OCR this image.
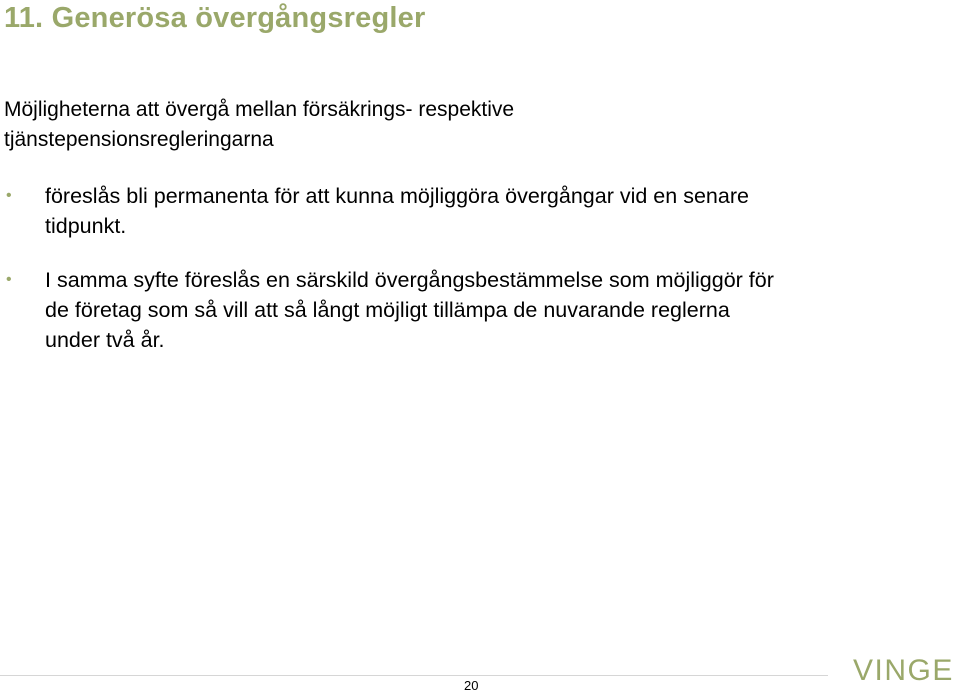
11. Generösa övergångsregler

Möjligheterna att övergå mellan försäkrings- respektive
tjänstepensionsregleringarna

• föreslås bli permanenta för att kunna möjliggöra övergångar vid en senare
tidpunkt.
• I samma syfte föreslås en särskild övergångsbestämmelse som möjliggör för
de företag som så vill att så långt möjligt tillämpa de nuvarande reglerna
under två år.
20	VINGE
